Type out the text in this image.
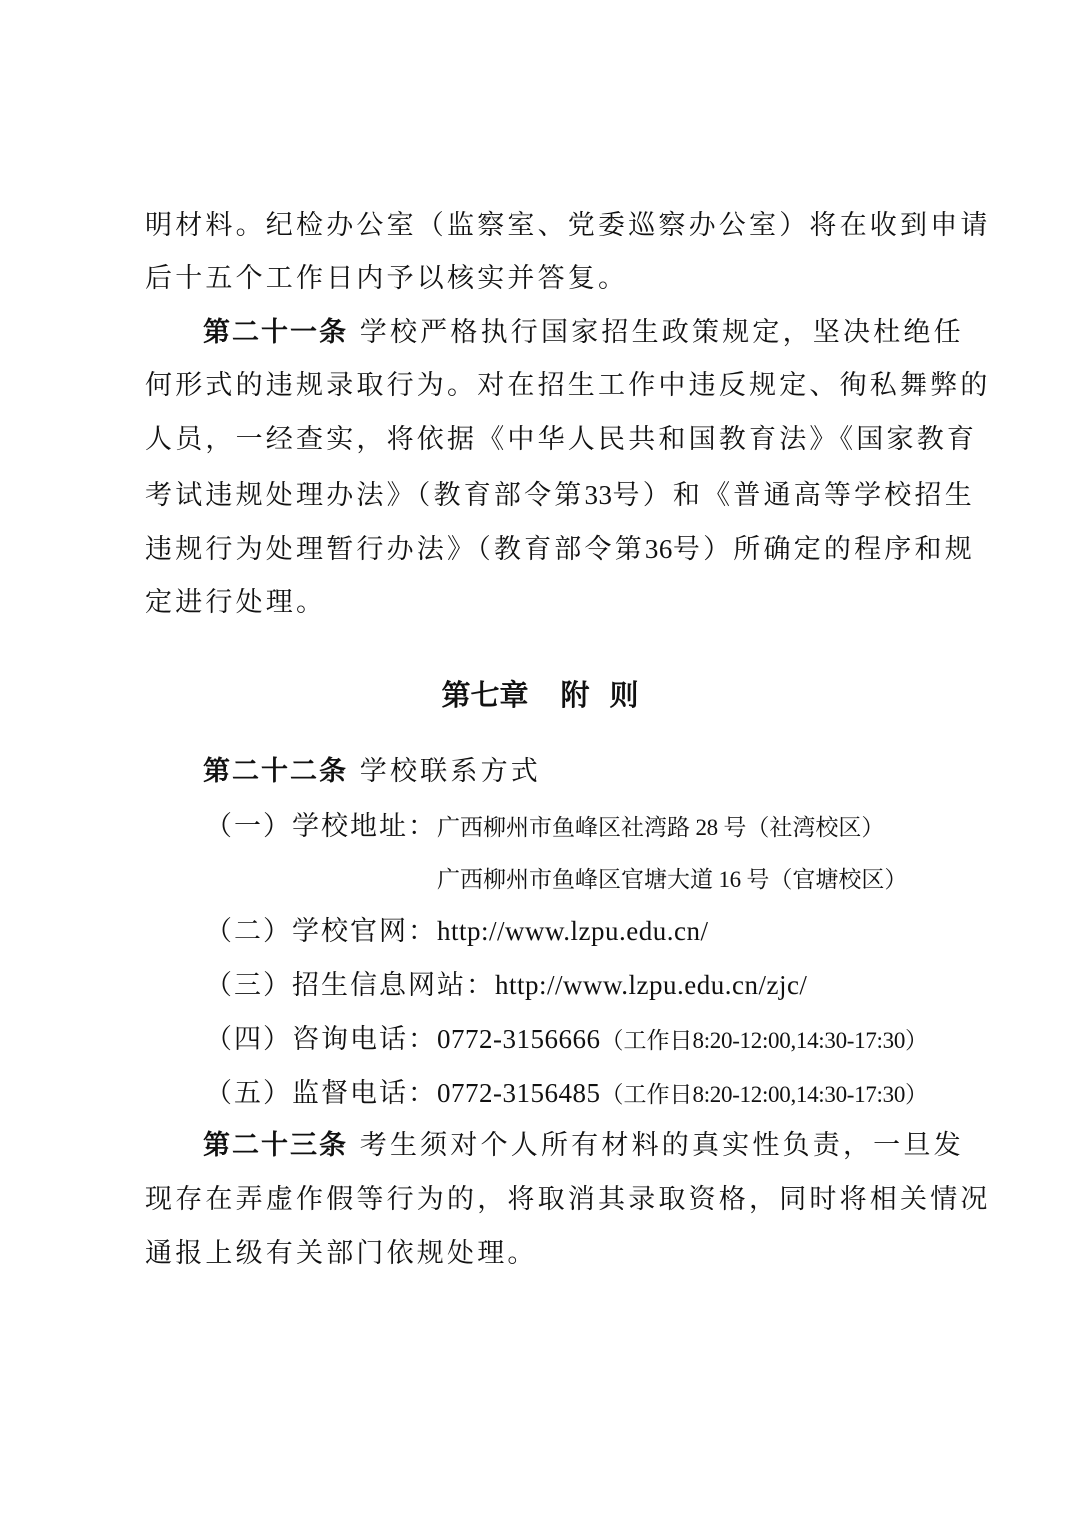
明材料。纪检办公室（监察室、党委巡察办公室）将在收到申请
后十五个工作日内予以核实并答复。
第二十一条 学校严格执行国家招生政策规定，坚决杜绝任
何形式的违规录取行为。对在招生工作中违反规定、徇私舞弊的
人员，一经查实，将依据《中华人民共和国教育法》《国家教育
考试违规处理办法》（教育部令第33号）和《普通高等学校招生
违规行为处理暂行办法》（教育部令第36号）所确定的程序和规
定进行处理。
第七章 附 则
第二十二条 学校联系方式
（一）学校地址：广西柳州市鱼峰区社湾路 28 号（社湾校区）
广西柳州市鱼峰区官塘大道 16 号（官塘校区）
（二）学校官网：http://www.lzpu.edu.cn/
（三）招生信息网站：http://www.lzpu.edu.cn/zjc/
（四）咨询电话：0772-3156666（工作日8:20-12:00,14:30-17:30）
（五）监督电话：0772-3156485（工作日8:20-12:00,14:30-17:30）
第二十三条 考生须对个人所有材料的真实性负责，一旦发
现存在弄虚作假等行为的，将取消其录取资格，同时将相关情况
通报上级有关部门依规处理。
